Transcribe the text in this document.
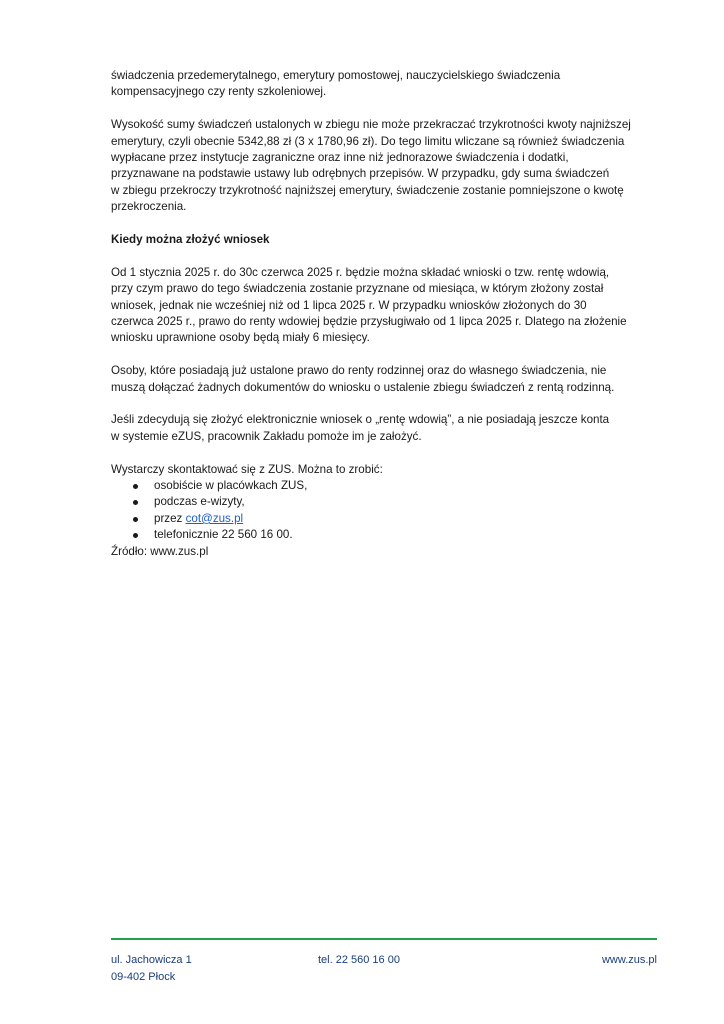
świadczenia przedemerytalnego, emerytury pomostowej, nauczycielskiego świadczenia
kompensacyjnego czy renty szkoleniowej.

Wysokość sumy świadczeń ustalonych w zbiegu nie może przekraczać trzykrotności kwoty najniższej
emerytury, czyli obecnie 5342,88 zł (3 x 1780,96 zł). Do tego limitu wliczane są również świadczenia
wypłacane przez instytucje zagraniczne oraz inne niż jednorazowe świadczenia i dodatki,
przyznawane na podstawie ustawy lub odrębnych przepisów. W przypadku, gdy suma świadczeń
w zbiegu przekroczy trzykrotność najniższej emerytury, świadczenie zostanie pomniejszone o kwotę
przekroczenia.

Kiedy można złożyć wniosek

Od 1 stycznia 2025 r. do 30c czerwca 2025 r. będzie można składać wnioski o tzw. rentę wdowią,
przy czym prawo do tego świadczenia zostanie przyznane od miesiąca, w którym złożony został
wniosek, jednak nie wcześniej niż od 1 lipca 2025 r. W przypadku wniosków złożonych do 30
czerwca 2025 r., prawo do renty wdowiej będzie przysługiwało od 1 lipca 2025 r. Dlatego na złożenie
wniosku uprawnione osoby będą miały 6 miesięcy.

Osoby, które posiadają już ustalone prawo do renty rodzinnej oraz do własnego świadczenia, nie
muszą dołączać żadnych dokumentów do wniosku o ustalenie zbiegu świadczeń z rentą rodzinną.

Jeśli zdecydują się złożyć elektronicznie wniosek o „rentę wdowią”, a nie posiadają jeszcze konta
w systemie eZUS, pracownik Zakładu pomoże im je założyć.

Wystarczy skontaktować się z ZUS. Można to zrobić:

osobiście w placówkach ZUS,
podczas e-wizyty,
przez cot@zus.pl
telefonicznie 22 560 16 00.

Źródło: www.zus.pl

ul. Jachowicza 1
09-402 Płock
tel. 22 560 16 00	www.zus.pl
